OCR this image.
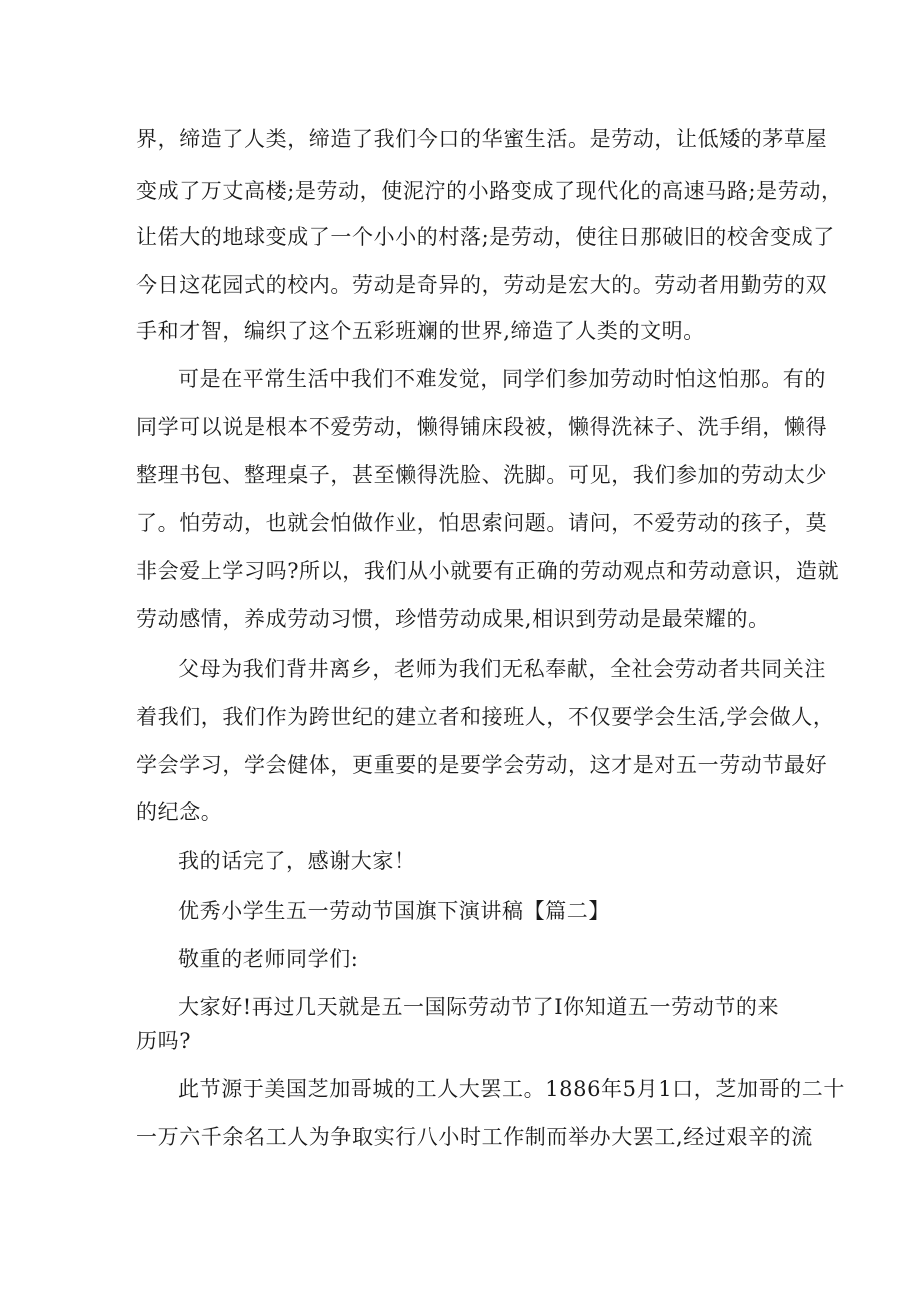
界，缔造了人类，缔造了我们今口的华蜜生活。是劳动，让低矮的茅草屋
变成了万丈高楼;是劳动，使泥泞的小路变成了现代化的高速马路;是劳动，
让偌大的地球变成了一个小小的村落;是劳动，使往日那破旧的校舍变成了
今日这花园式的校内。劳动是奇异的，劳动是宏大的。劳动者用勤劳的双
手和才智，编织了这个五彩班斓的世界,缔造了人类的文明。
可是在平常生活中我们不难发觉，同学们参加劳动时怕这怕那。有的
同学可以说是根本不爱劳动，懒得铺床段被，懒得洗袜子、洗手绢，懒得
整理书包、整理桌子，甚至懒得洗脸、洗脚。可见，我们参加的劳动太少
了。怕劳动，也就会怕做作业，怕思索问题。请问，不爱劳动的孩子，莫
非会爱上学习吗?所以，我们从小就要有正确的劳动观点和劳动意识，造就
劳动感情，养成劳动习惯，珍惜劳动成果,相识到劳动是最荣耀的。
父母为我们背井离乡，老师为我们无私奉献，全社会劳动者共同关注
着我们，我们作为跨世纪的建立者和接班人，不仅要学会生活,学会做人，
学会学习，学会健体，更重要的是要学会劳动，这才是对五一劳动节最好
的纪念。
我的话完了，感谢大家！
优秀小学生五一劳动节国旗下演讲稿【篇二】
敬重的老师同学们:
大家好!再过几天就是五一国际劳动节了I你知道五一劳动节的来
历吗?
此节源于美国芝加哥城的工人大罢工。1886年5月1口，芝加哥的二十
一万六千余名工人为争取实行八小时工作制而举办大罢工,经过艰辛的流
